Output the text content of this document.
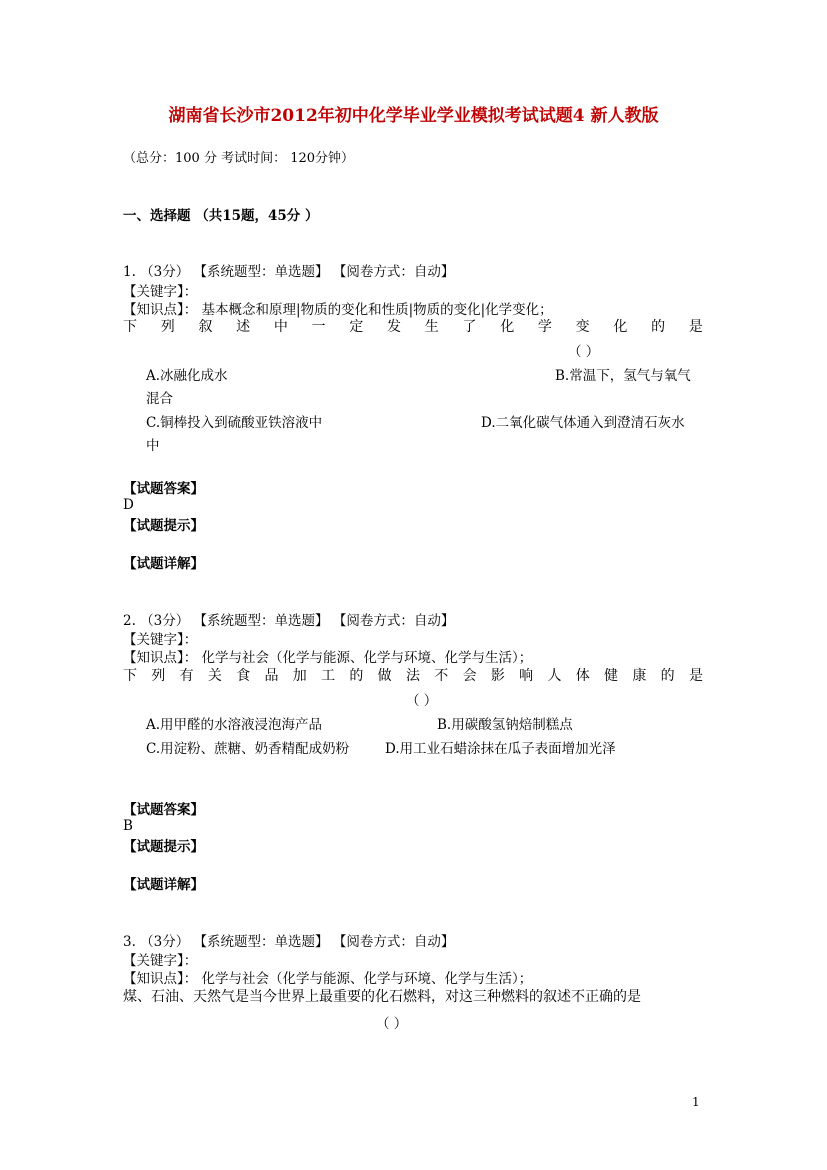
湖南省长沙市2012年初中化学毕业学业模拟考试试题4 新人教版
（总分：100 分 考试时间： 120分钟）
一、选择题 （共15题，45分 ）
1. （3分） 【系统题型：单选题】 【阅卷方式：自动】
【关键字】：
【知识点】： 基本概念和原理|物质的变化和性质|物质的变化|化学变化；
下 列 叙 述 中 一 定 发 生 了 化 学 变 化 的 是
（ ）
A.冰融化成水	B.常温下，氢气与氧气
混合
C.铜棒投入到硫酸亚铁溶液中	D.二氧化碳气体通入到澄清石灰水
中
【试题答案】
D
【试题提示】
【试题详解】
2. （3分） 【系统题型：单选题】 【阅卷方式：自动】
【关键字】：
【知识点】： 化学与社会（化学与能源、化学与环境、化学与生活）；
下 列 有 关 食 品 加 工 的 做 法 不 会 影 响 人 体 健 康 的 是
（ ）
A.用甲醛的水溶液浸泡海产品	B.用碳酸氢钠焙制糕点
C.用淀粉、蔗糖、奶香精配成奶粉	D.用工业石蜡涂抹在瓜子表面增加光泽
【试题答案】
B
【试题提示】
【试题详解】
3. （3分） 【系统题型：单选题】 【阅卷方式：自动】
【关键字】：
【知识点】： 化学与社会（化学与能源、化学与环境、化学与生活）；
煤、石油、天然气是当今世界上最重要的化石燃料，对这三种燃料的叙述不正确的是
（ ）
1
